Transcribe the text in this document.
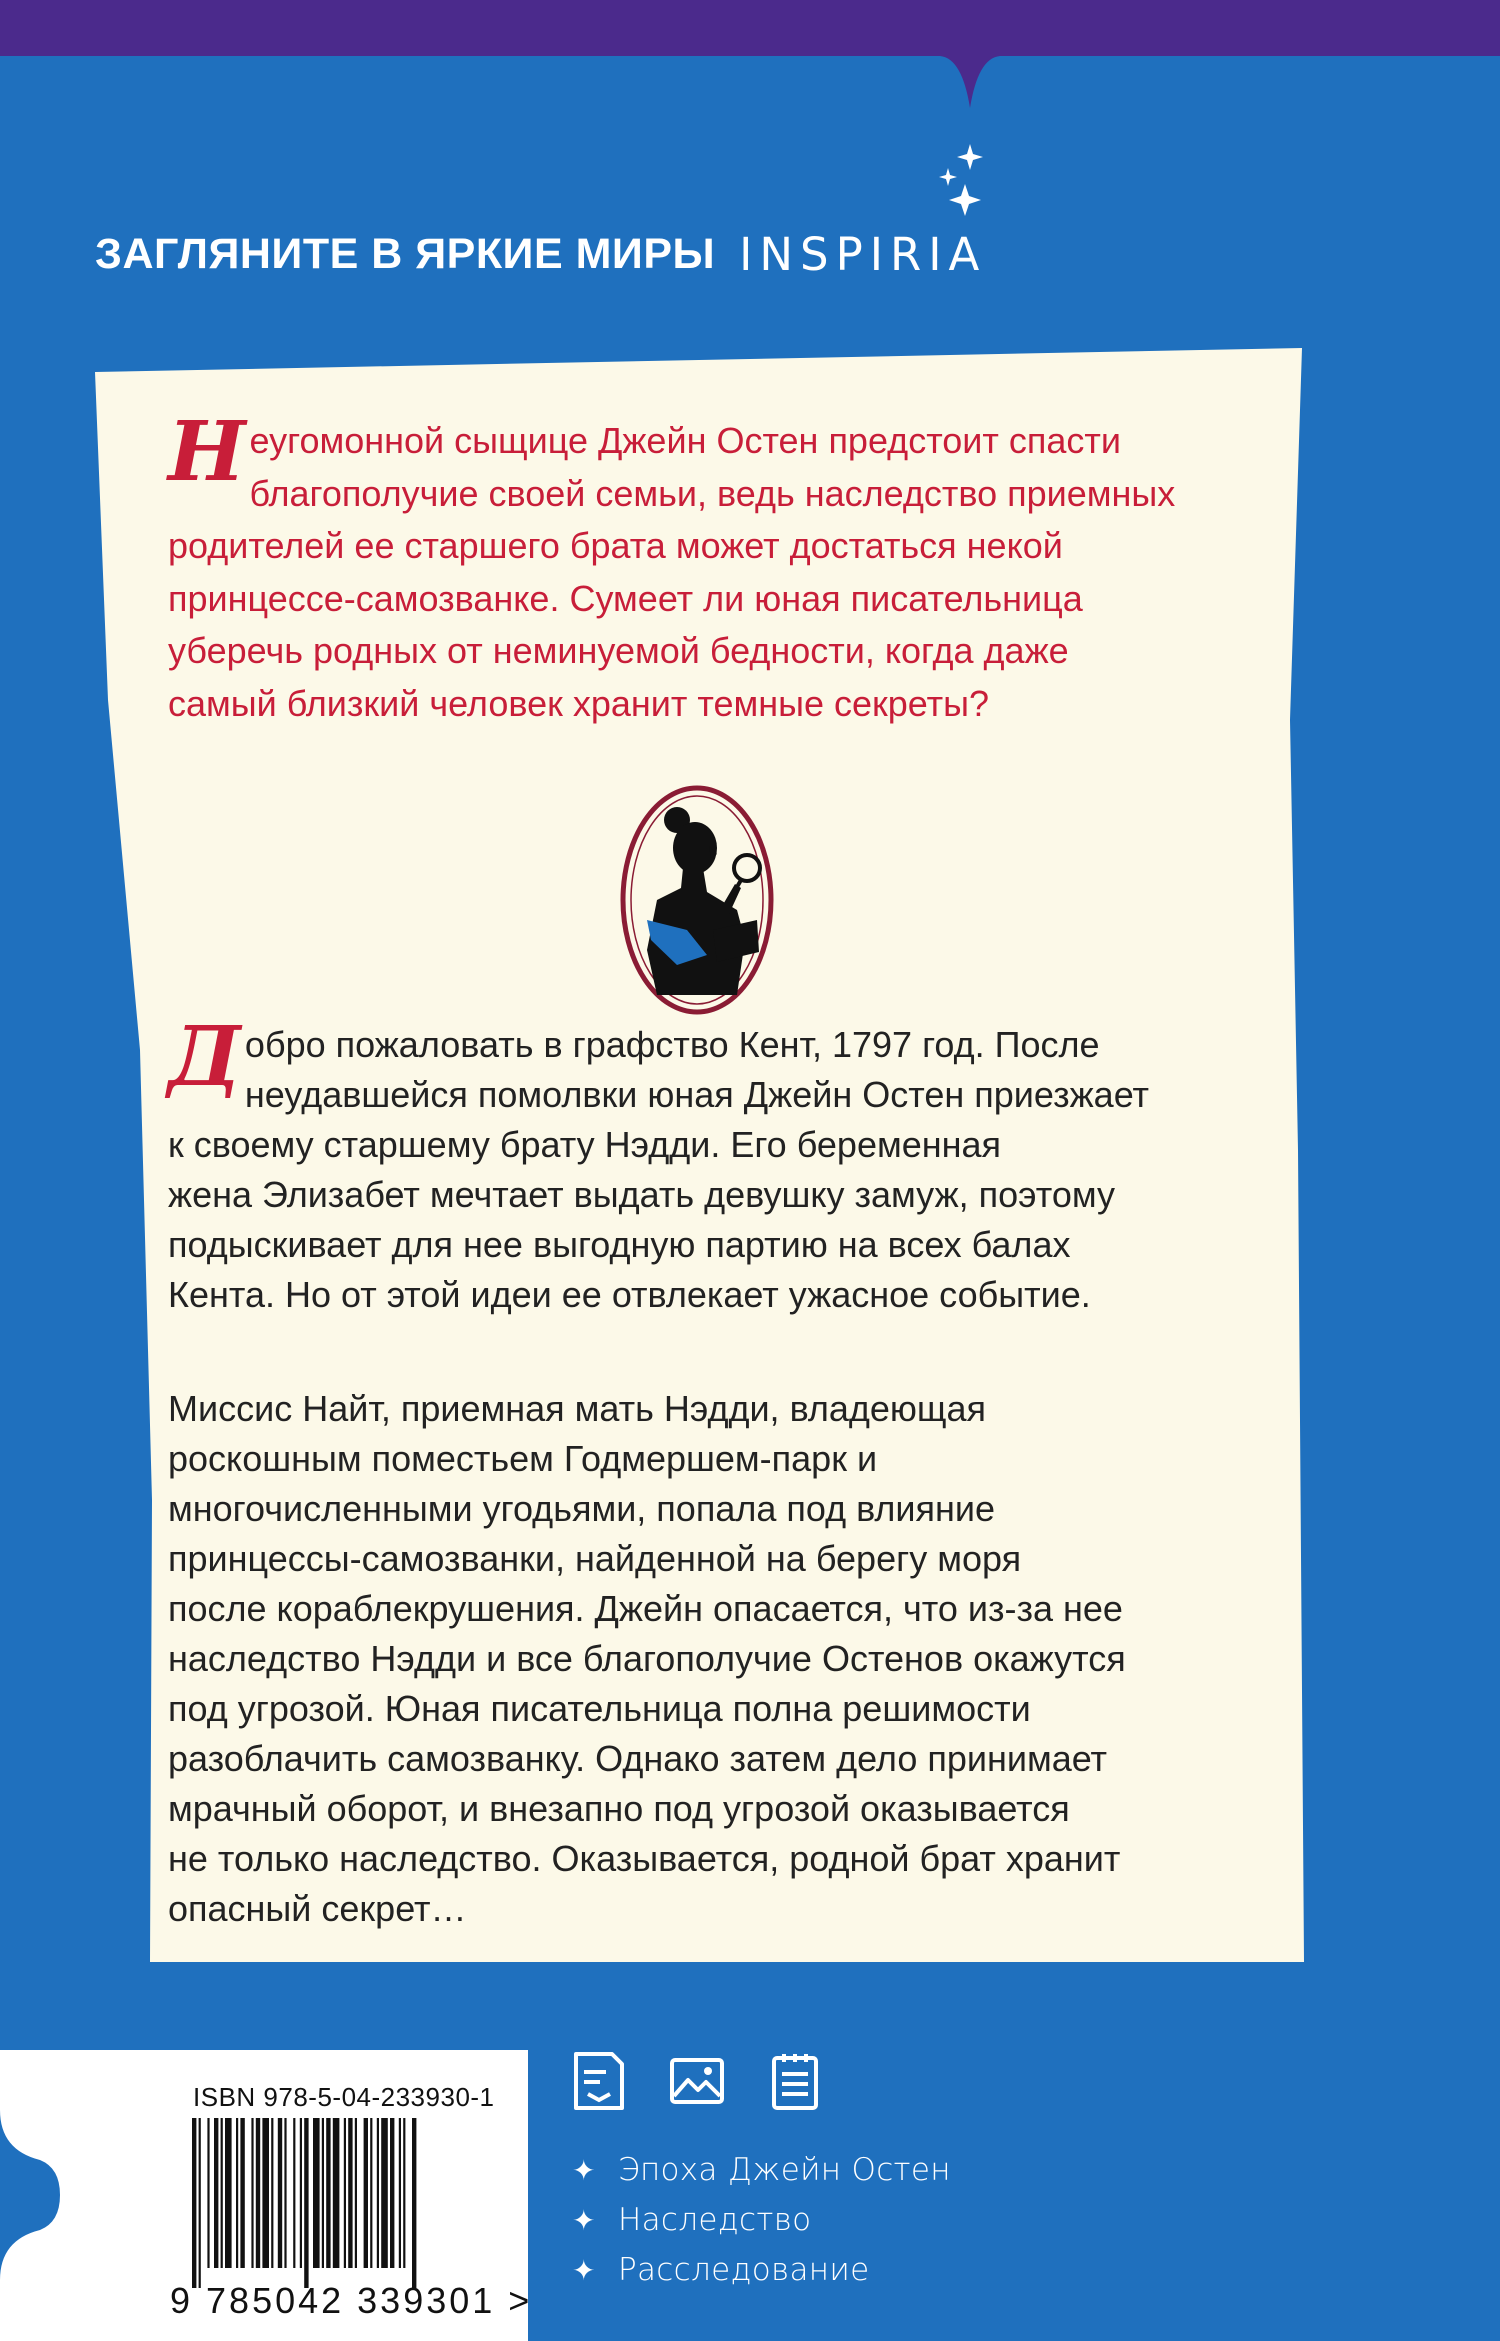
ЗАГЛЯНИТЕ В ЯРКИЕ МИРЫ INSPIRIA
Н еугомонной сыщице Джейн Остен предстоит спасти
благополучие своей семьи, ведь наследство приемных
родителей ее старшего брата может достаться некой
принцессе-самозванке. Сумеет ли юная писательница
уберечь родных от неминуемой бедности, когда даже
самый близкий человек хранит темные секреты?
Д обро пожаловать в графство Кент, 1797 год. После
неудавшейся помолвки юная Джейн Остен приезжает
к своему старшему брату Нэдди. Его беременная
жена Элизабет мечтает выдать девушку замуж, поэтому
подыскивает для нее выгодную партию на всех балах
Кента. Но от этой идеи ее отвлекает ужасное событие.
Миссис Найт, приемная мать Нэдди, владеющая
роскошным поместьем Годмершем-парк и
многочисленными угодьями, попала под влияние
принцессы-самозванки, найденной на берегу моря
после кораблекрушения. Джейн опасается, что из-за нее
наследство Нэдди и все благополучие Остенов окажутся
под угрозой. Юная писательница полна решимости
разоблачить самозванку. Однако затем дело принимает
мрачный оборот, и внезапно под угрозой оказывается
не только наследство. Оказывается, родной брат хранит
опасный секрет…
ISBN 978-5-04-233930-1
9 785042 339301 >
✦ Эпоха Джейн Остен
✦ Наследство
✦ Расследование
